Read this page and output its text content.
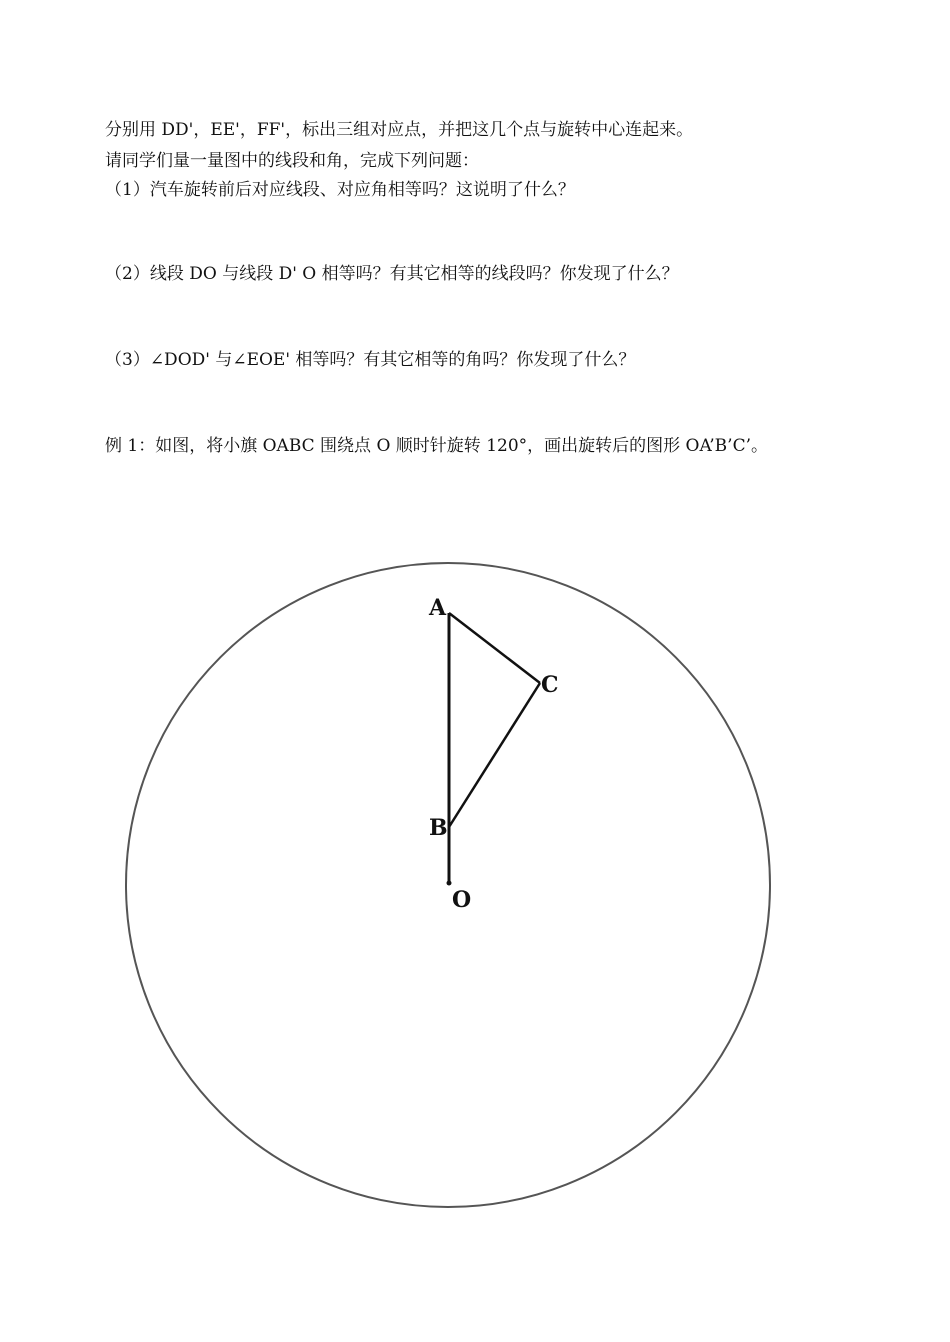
分别用 DD'，EE'，FF'，标出三组对应点，并把这几个点与旋转中心连起来。
请同学们量一量图中的线段和角，完成下列问题：
（1）汽车旋转前后对应线段、对应角相等吗？这说明了什么？
（2）线段 DO 与线段 D' O 相等吗？有其它相等的线段吗？你发现了什么？
（3）∠DOD' 与∠EOE' 相等吗？有其它相等的角吗？你发现了什么？
例 1：如图，将小旗 OABC 围绕点 O 顺时针旋转 120°，画出旋转后的图形 OA’B’C’。
A
C
B
O
